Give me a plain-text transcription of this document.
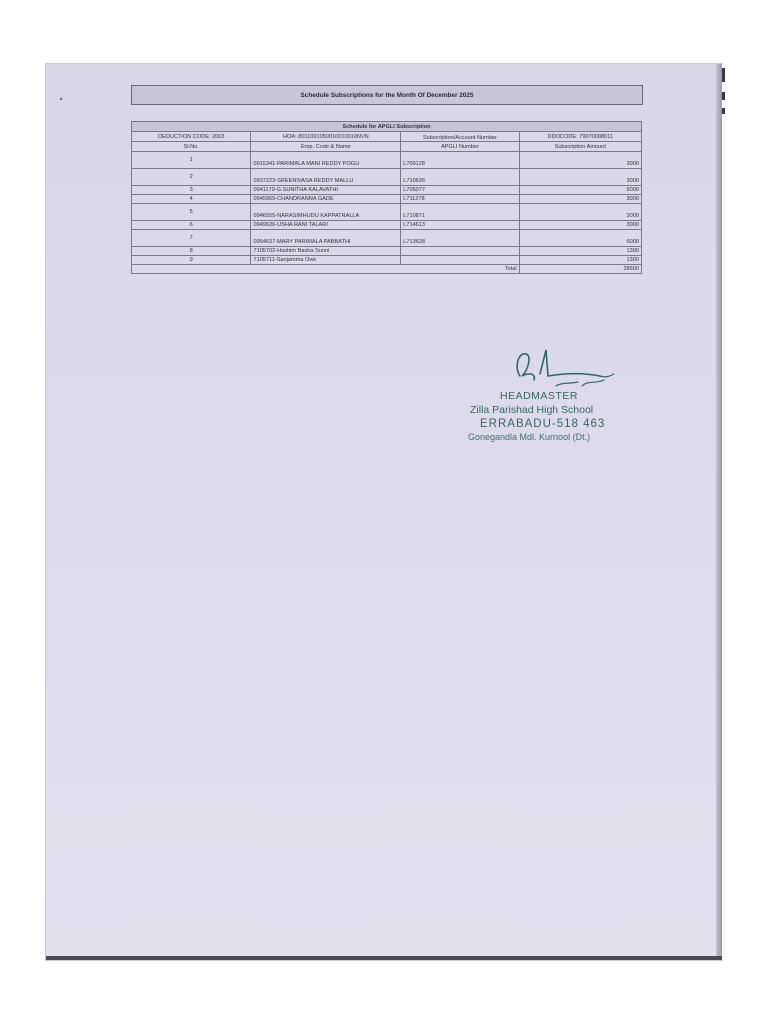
Schedule Subscriptions for the Month Of December 2025
Schedule for APGLI Subscription			
DEDUCTION CODE: 2003	HOA: 8011001050010010010NVN	Subscription/Account Number	DDOCODE: 79070008011
Sl.No.	Emp. Code & Name	APGLI Number	Subscription Amount
1	0915341-PARIMALA MANI REDDY POGU	L709128	3000
2	0937223-SREENIVASA REDDY MALLU	L710626	3000
3	0941179-G.SUNITHA KALAVATHI	L705077	5000
4	0945969-CHANDRANNA GADE	L711278	3000
5	0946555-NARASIMHUDU KAPPATRALLA	L710871	3000
6	0949636-USHA RANI TALARI	L714613	3000
7	0954637-MARY PARIMALA PABBATHI	L713628	6000
8	7105702-Hashim Basha Sunni		1300
9	7105711-Sanjamma Owk		1300
Total			28600
HEADMASTER
Zilla Parishad High School
ERRABADU-518 463
Gonegandla Mdl. Kurnool (Dt.)
